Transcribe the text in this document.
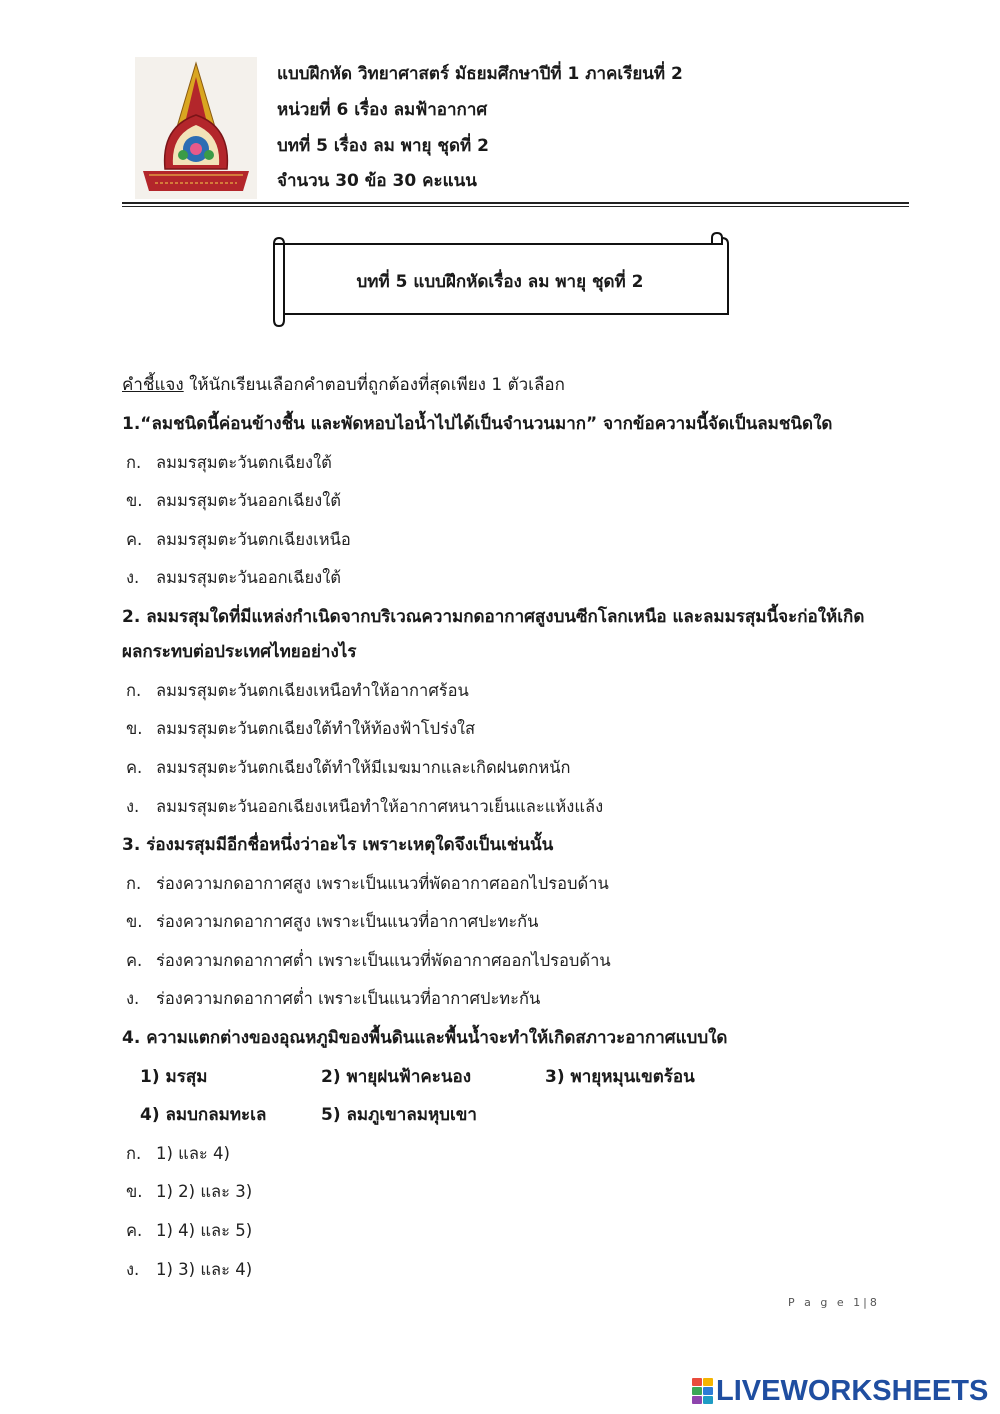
แบบฝึกหัด วิทยาศาสตร์ มัธยมศึกษาปีที่ 1 ภาคเรียนที่ 2
หน่วยที่ 6 เรื่อง ลมฟ้าอากาศ
บทที่ 5 เรื่อง ลม พายุ ชุดที่ 2
จำนวน 30 ข้อ 30 คะแนน
บทที่ 5 แบบฝึกหัดเรื่อง ลม พายุ ชุดที่ 2
คำชี้แจง ให้นักเรียนเลือกคำตอบที่ถูกต้องที่สุดเพียง 1 ตัวเลือก
1.“ลมชนิดนี้ค่อนข้างชื้น และพัดหอบไอน้ำไปได้เป็นจำนวนมาก” จากข้อความนี้จัดเป็นลมชนิดใด
ก. ลมมรสุมตะวันตกเฉียงใต้
ข. ลมมรสุมตะวันออกเฉียงใต้
ค. ลมมรสุมตะวันตกเฉียงเหนือ
ง. ลมมรสุมตะวันออกเฉียงใต้
2. ลมมรสุมใดที่มีแหล่งกำเนิดจากบริเวณความกดอากาศสูงบนซีกโลกเหนือ และลมมรสุมนี้จะก่อให้เกิด
ผลกระทบต่อประเทศไทยอย่างไร
ก. ลมมรสุมตะวันตกเฉียงเหนือทำให้อากาศร้อน
ข. ลมมรสุมตะวันตกเฉียงใต้ทำให้ท้องฟ้าโปร่งใส
ค. ลมมรสุมตะวันตกเฉียงใต้ทำให้มีเมฆมากและเกิดฝนตกหนัก
ง. ลมมรสุมตะวันออกเฉียงเหนือทำให้อากาศหนาวเย็นและแห้งแล้ง
3. ร่องมรสุมมีอีกชื่อหนึ่งว่าอะไร เพราะเหตุใดจึงเป็นเช่นนั้น
ก. ร่องความกดอากาศสูง เพราะเป็นแนวที่พัดอากาศออกไปรอบด้าน
ข. ร่องความกดอากาศสูง เพราะเป็นแนวที่อากาศปะทะกัน
ค. ร่องความกดอากาศต่ำ เพราะเป็นแนวที่พัดอากาศออกไปรอบด้าน
ง. ร่องความกดอากาศต่ำ เพราะเป็นแนวที่อากาศปะทะกัน
4. ความแตกต่างของอุณหภูมิของพื้นดินและพื้นน้ำจะทำให้เกิดสภาวะอากาศแบบใด
1) มรสุม	2) พายุฝนฟ้าคะนอง	3) พายุหมุนเขตร้อน
4) ลมบกลมทะเล	5) ลมภูเขาลมหุบเขา
ก. 1) และ 4)
ข. 1) 2) และ 3)
ค. 1) 4) และ 5)
ง. 1) 3) และ 4)
P a g e 1|8
LIVEWORKSHEETS
